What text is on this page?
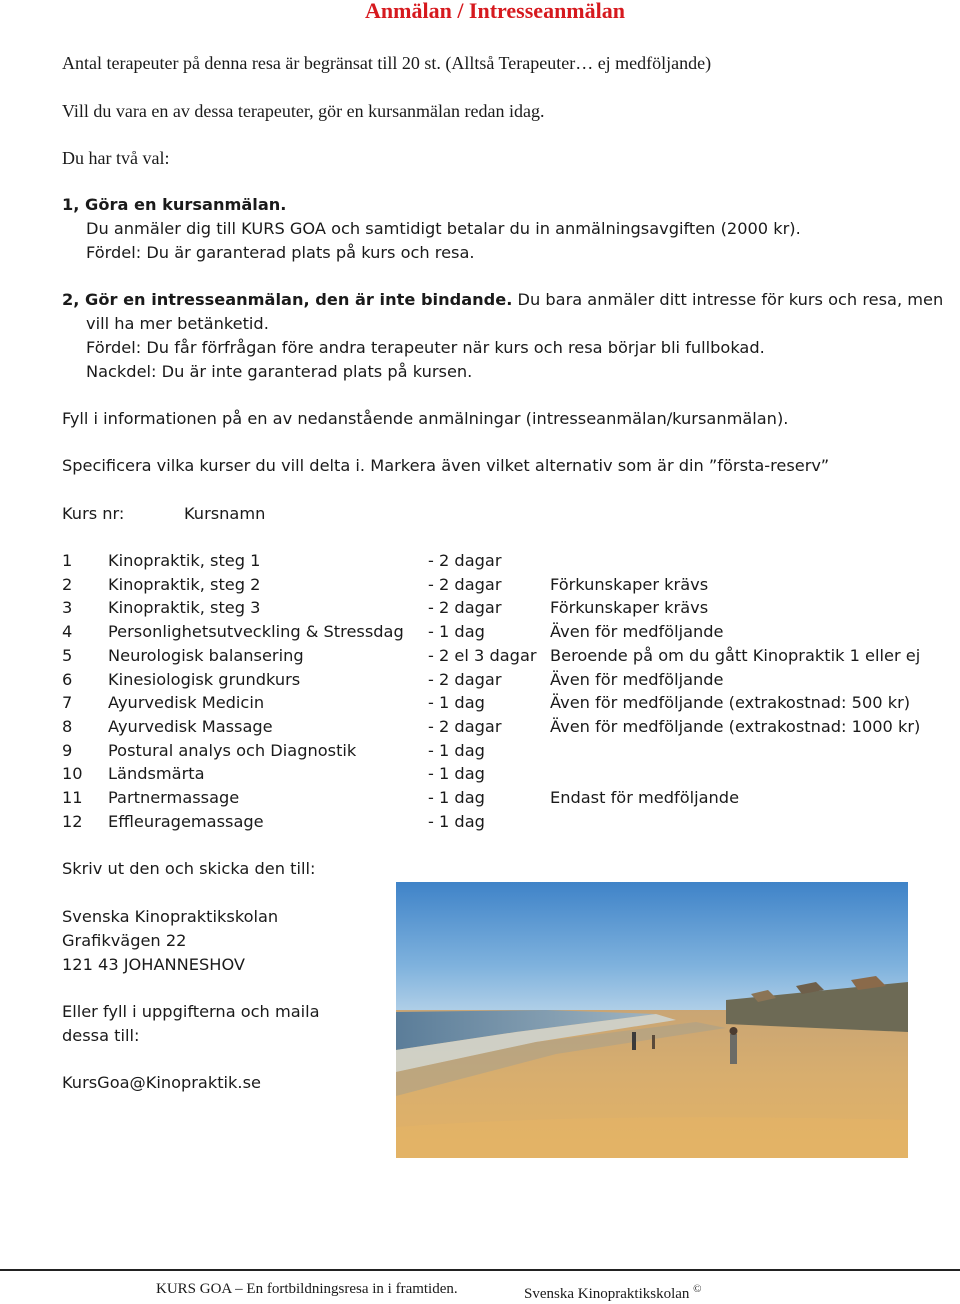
Anmälan / Intresseanmälan
Antal terapeuter på denna resa är begränsat till 20 st. (Alltså Terapeuter… ej medföljande)
Vill du vara en av dessa terapeuter, gör en kursanmälan redan idag.
Du har två val:
1, Göra en kursanmälan.
Du anmäler dig till KURS GOA och samtidigt betalar du in anmälningsavgiften (2000 kr).
Fördel: Du är garanterad plats på kurs och resa.
2, Gör en intresseanmälan, den är inte bindande. Du bara anmäler ditt intresse för kurs och resa, men
vill ha mer betänketid.
Fördel: Du får förfrågan före andra terapeuter när kurs och resa börjar bli fullbokad.
Nackdel: Du är inte garanterad plats på kursen.
Fyll i informationen på en av nedanstående anmälningar (intresseanmälan/kursanmälan).
Specificera vilka kurser du vill delta i. Markera även vilket alternativ som är din ”första-reserv”
Kurs nr:	Kursnamn
1 Kinopraktik, steg 1	- 2 dagar
2 Kinopraktik, steg 2	- 2 dagar	Förkunskaper krävs
3 Kinopraktik, steg 3	- 2 dagar	Förkunskaper krävs
4 Personlighetsutveckling & Stressdag - 1 dag	Även för medföljande
5 Neurologisk balansering	- 2 el 3 dagar Beroende på om du gått Kinopraktik 1 eller ej
6 Kinesiologisk grundkurs	- 2 dagar	Även för medföljande
7 Ayurvedisk Medicin	- 1 dag	Även för medföljande (extrakostnad: 500 kr)
8 Ayurvedisk Massage	- 2 dagar	Även för medföljande (extrakostnad: 1000 kr)
9 Postural analys och Diagnostik	- 1 dag
10 Ländsmärta	- 1 dag
11 Partnermassage	- 1 dag	Endast för medföljande
12 Effleuragemassage	- 1 dag
Skriv ut den och skicka den till:
Svenska Kinopraktikskolan
Grafikvägen 22
121 43 JOHANNESHOV
Eller fyll i uppgifterna och maila
dessa till:
KursGoa@Kinopraktik.se
KURS GOA – En fortbildningsresa in i framtiden.	Svenska Kinopraktikskolan ©
